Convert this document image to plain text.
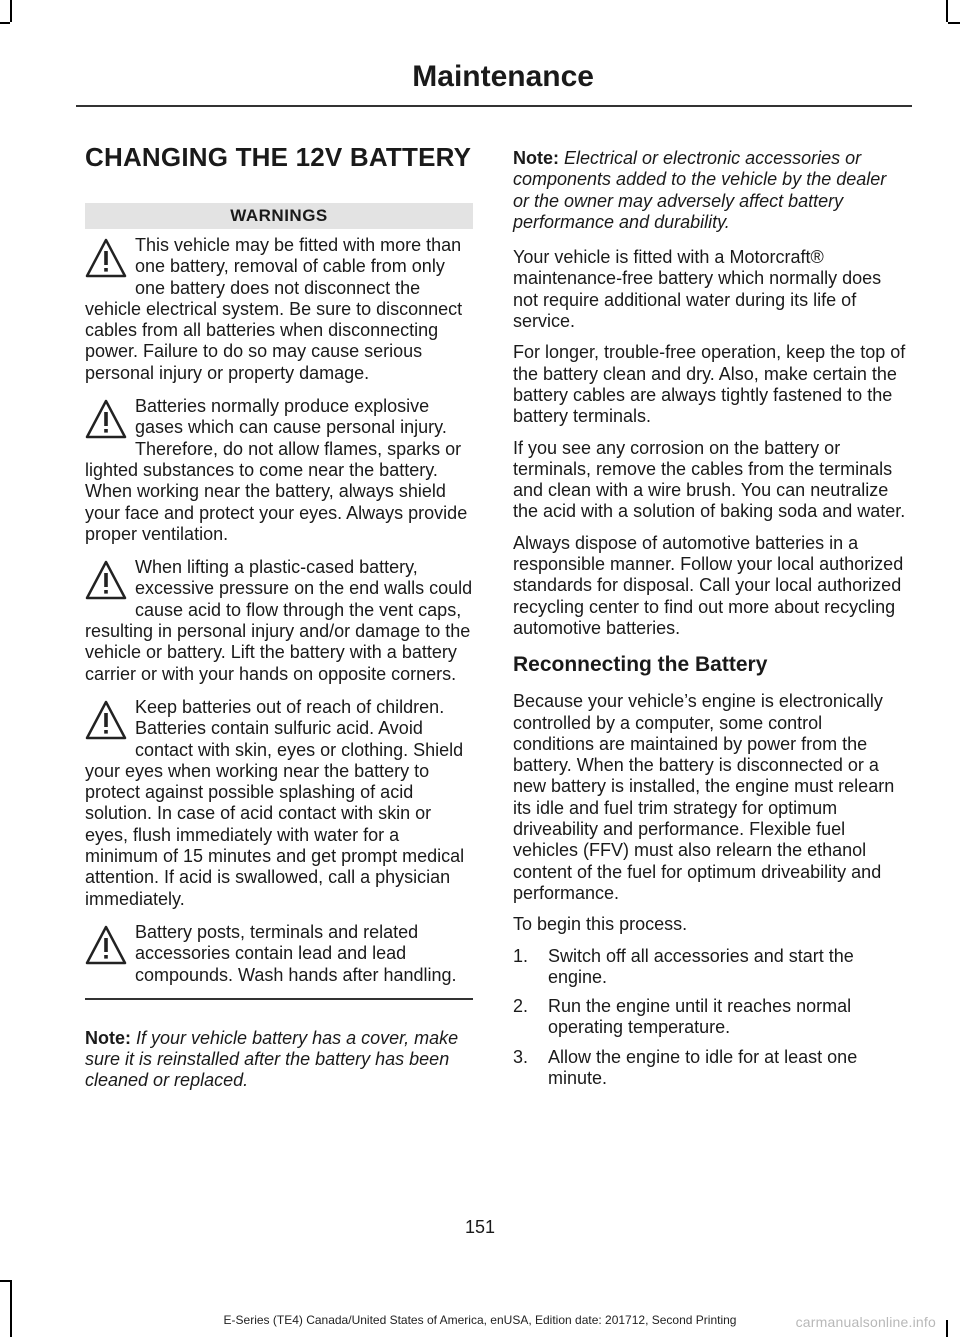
Maintenance
CHANGING THE 12V BATTERY
WARNINGS
This vehicle may be fitted with more than one battery, removal of cable from only one battery does not disconnect the vehicle electrical system. Be sure to disconnect cables from all batteries when disconnecting power. Failure to do so may cause serious personal injury or property damage.
Batteries normally produce explosive gases which can cause personal injury. Therefore, do not allow flames, sparks or lighted substances to come near the battery. When working near the battery, always shield your face and protect your eyes. Always provide proper ventilation.
When lifting a plastic-cased battery, excessive pressure on the end walls could cause acid to flow through the vent caps, resulting in personal injury and/or damage to the vehicle or battery. Lift the battery with a battery carrier or with your hands on opposite corners.
Keep batteries out of reach of children. Batteries contain sulfuric acid. Avoid contact with skin, eyes or clothing. Shield your eyes when working near the battery to protect against possible splashing of acid solution. In case of acid contact with skin or eyes, flush immediately with water for a minimum of 15 minutes and get prompt medical attention. If acid is swallowed, call a physician immediately.
Battery posts, terminals and related accessories contain lead and lead compounds. Wash hands after handling.

Note: If your vehicle battery has a cover, make sure it is reinstalled after the battery has been cleaned or replaced.

Note: Electrical or electronic accessories or components added to the vehicle by the dealer or the owner may adversely affect battery performance and durability.

Your vehicle is fitted with a Motorcraft® maintenance-free battery which normally does not require additional water during its life of service.

For longer, trouble-free operation, keep the top of the battery clean and dry. Also, make certain the battery cables are always tightly fastened to the battery terminals.

If you see any corrosion on the battery or terminals, remove the cables from the terminals and clean with a wire brush. You can neutralize the acid with a solution of baking soda and water.

Always dispose of automotive batteries in a responsible manner. Follow your local authorized standards for disposal. Call your local authorized recycling center to find out more about recycling automotive batteries.

Reconnecting the Battery

Because your vehicle’s engine is electronically controlled by a computer, some control conditions are maintained by power from the battery. When the battery is disconnected or a new battery is installed, the engine must relearn its idle and fuel trim strategy for optimum driveability and performance. Flexible fuel vehicles (FFV) must also relearn the ethanol content of the fuel for optimum driveability and performance.

To begin this process.

1. Switch off all accessories and start the engine.
2. Run the engine until it reaches normal operating temperature.
3. Allow the engine to idle for at least one minute.
151
E-Series (TE4) Canada/United States of America, enUSA, Edition date: 201712, Second Printing	carmanualsonline.info
